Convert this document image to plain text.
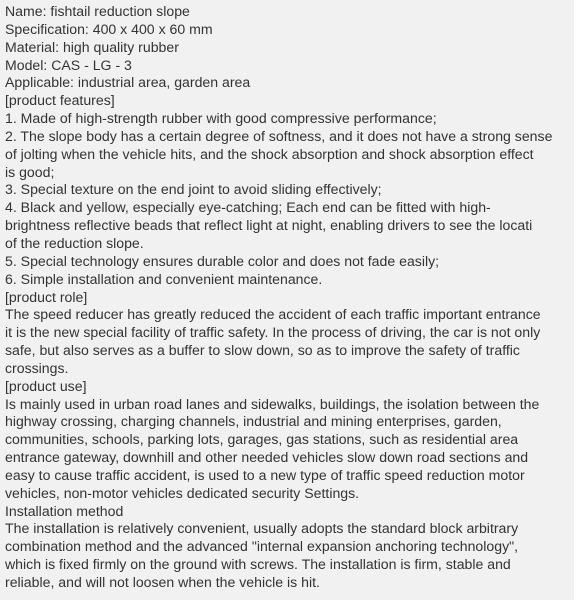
Name: fishtail reduction slope
Specification: 400 x 400 x 60 mm
Material: high quality rubber
Model: CAS - LG - 3
Applicable: industrial area, garden area
[product features]
1. Made of high-strength rubber with good compressive performance;
2. The slope body has a certain degree of softness, and it does not have a strong sense
of jolting when the vehicle hits, and the shock absorption and shock absorption effect
is good;
3. Special texture on the end joint to avoid sliding effectively;
4. Black and yellow, especially eye-catching; Each end can be fitted with high-
brightness reflective beads that reflect light at night, enabling drivers to see the locati
of the reduction slope.
5. Special technology ensures durable color and does not fade easily;
6. Simple installation and convenient maintenance.
[product role]
The speed reducer has greatly reduced the accident of each traffic important entrance
it is the new special facility of traffic safety. In the process of driving, the car is not only
safe, but also serves as a buffer to slow down, so as to improve the safety of traffic
crossings.
[product use]
Is mainly used in urban road lanes and sidewalks, buildings, the isolation between the
highway crossing, charging channels, industrial and mining enterprises, garden,
communities, schools, parking lots, garages, gas stations, such as residential area
entrance gateway, downhill and other needed vehicles slow down road sections and
easy to cause traffic accident, is used to a new type of traffic speed reduction motor
vehicles, non-motor vehicles dedicated security Settings.
Installation method
The installation is relatively convenient, usually adopts the standard block arbitrary
combination method and the advanced "internal expansion anchoring technology",
which is fixed firmly on the ground with screws. The installation is firm, stable and
reliable, and will not loosen when the vehicle is hit.
